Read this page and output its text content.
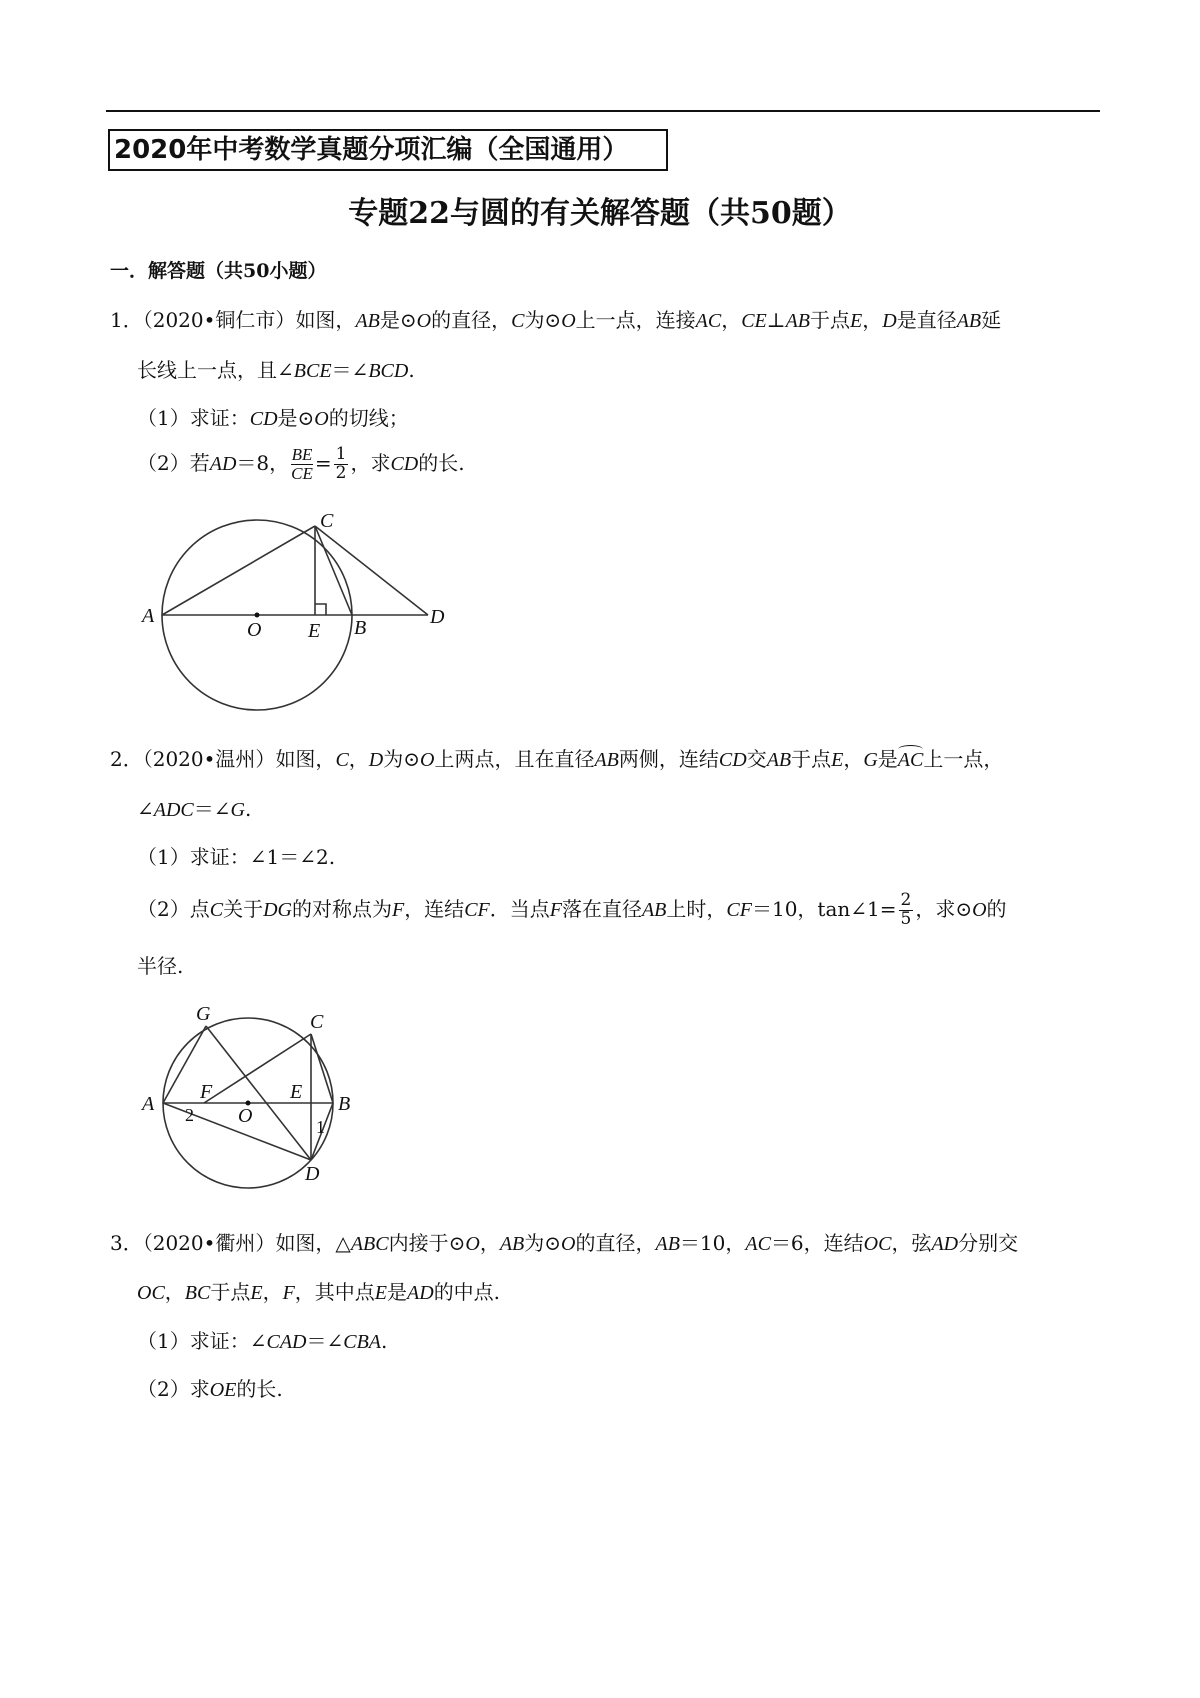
2020年中考数学真题分项汇编（全国通用）
专题22与圆的有关解答题（共50题）
一．解答题（共50小题）
1．（2020•铜仁市）如图，AB是⊙O的直径，C为⊙O上一点，连接AC，CE⊥AB于点E，D是直径AB延
长线上一点，且∠BCE＝∠BCD.
（1）求证：CD是⊙O的切线；
（2）若AD＝8， $\frac{BE}{CE} = \frac{1}{2}$ ，求CD的长.
A
C
D
B
O E
2．（2020•温州）如图，C，D为⊙O上两点，且在直径AB两侧，连结CD交AB于点E，G是AC上一点，
∠ADC＝∠G.
（1）求证：∠1＝∠2.
（2）点C关于DG的对称点为F，连结CF．当点F落在直径AB上时，CF＝10，tan∠1= $\frac{2}{5}$ ，求⊙O的
半径.
A
G	C
B
D
O
F	E
1
2
3．（2020•衢州）如图，△ABC内接于⊙O，AB为⊙O的直径，AB＝10，AC＝6，连结OC，弦AD分别交
OC，BC于点E，F，其中点E是AD的中点.
（1）求证：∠CAD＝∠CBA.
（2）求OE的长.
